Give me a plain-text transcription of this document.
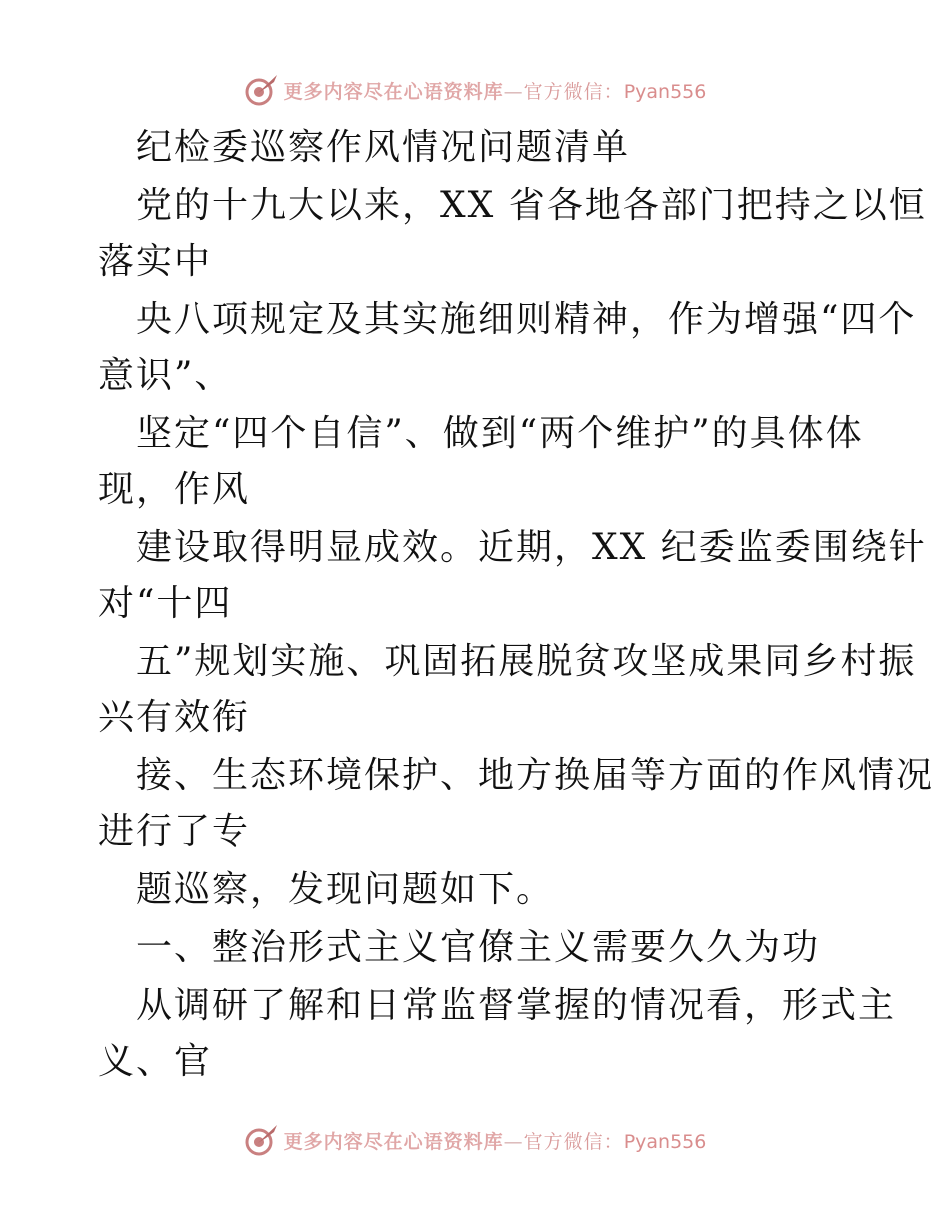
更多内容尽在心语资料库—官方微信：Pyan556
纪检委巡察作风情况问题清单
党的十九大以来，XX 省各地各部门把持之以恒
落实中
央八项规定及其实施细则精神，作为增强“四个
意识”、
坚定“四个自信”、做到“两个维护”的具体体
现，作风
建设取得明显成效。近期，XX 纪委监委围绕针
对“十四
五”规划实施、巩固拓展脱贫攻坚成果同乡村振
兴有效衔
接、生态环境保护、地方换届等方面的作风情况
进行了专
题巡察，发现问题如下。
一、整治形式主义官僚主义需要久久为功
从调研了解和日常监督掌握的情况看，形式主
义、官
更多内容尽在心语资料库—官方微信：Pyan556
